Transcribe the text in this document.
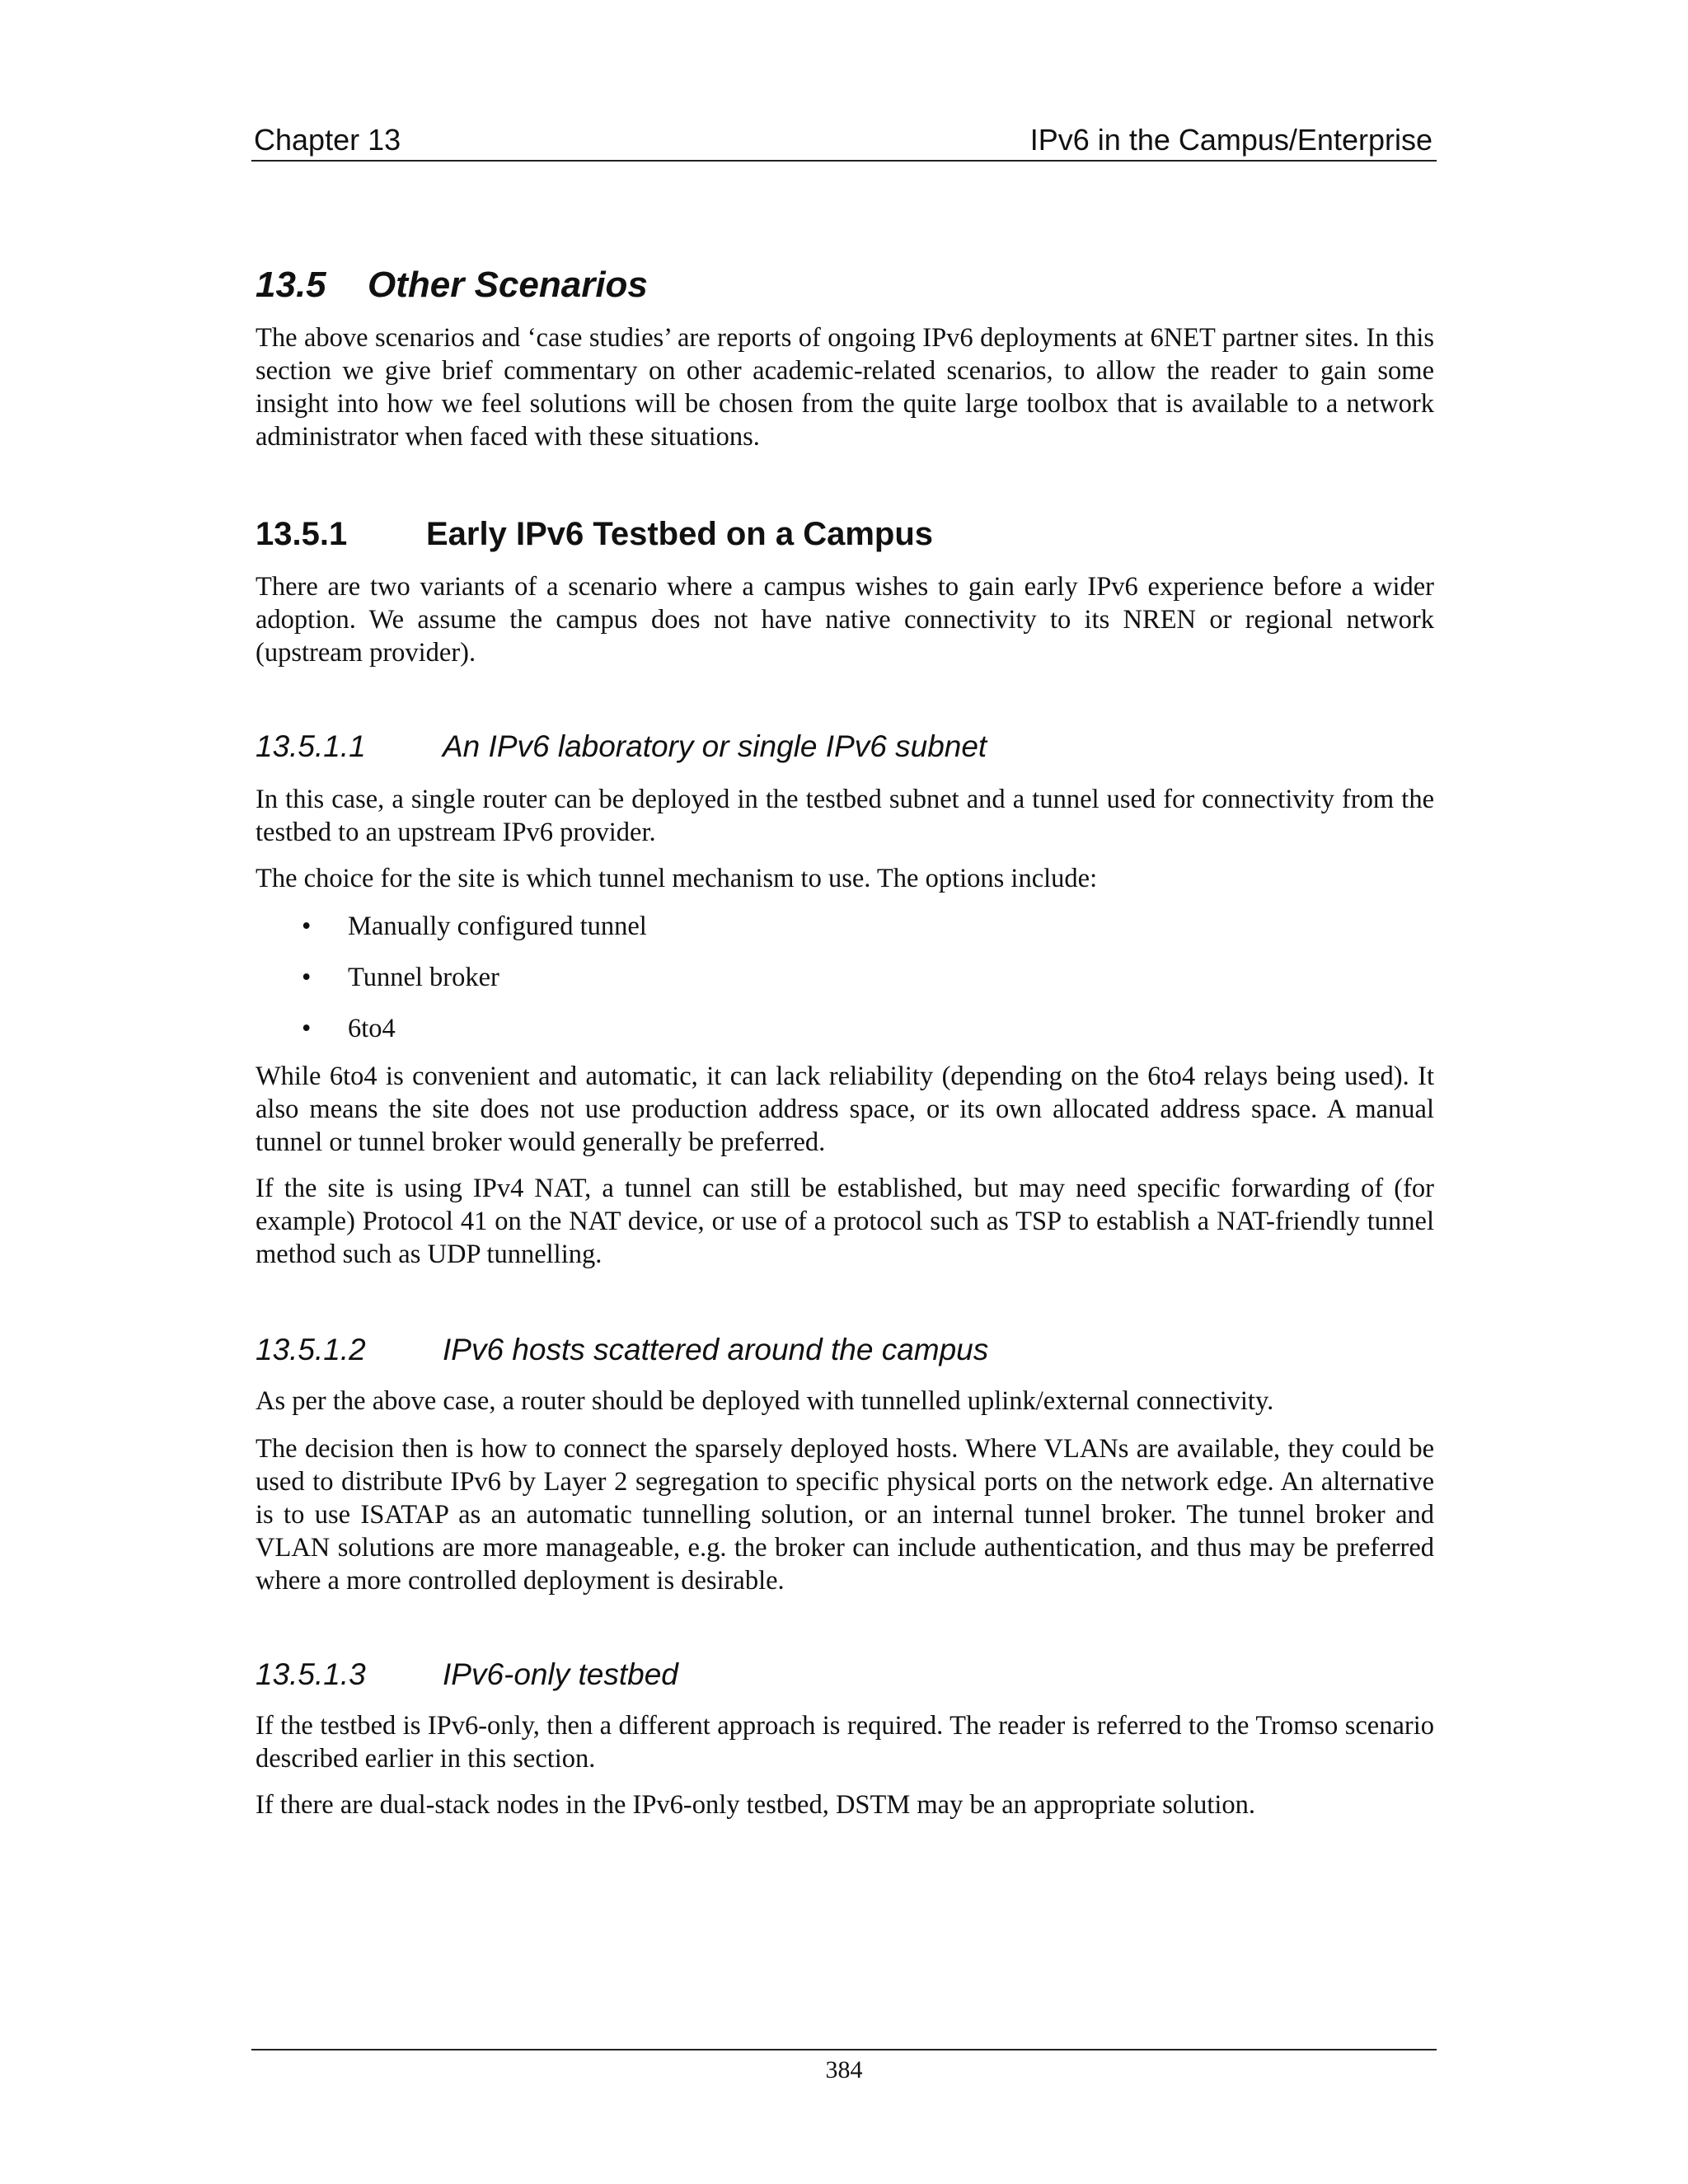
Chapter 13	IPv6 in the Campus/Enterprise
13.5 Other Scenarios

The above scenarios and ‘case studies’ are reports of ongoing IPv6 deployments at 6NET partner sites. In this section we give brief commentary on other academic-related scenarios, to allow the reader to gain some insight into how we feel solutions will be chosen from the quite large toolbox that is available to a network administrator when faced with these situations.

13.5.1 Early IPv6 Testbed on a Campus

There are two variants of a scenario where a campus wishes to gain early IPv6 experience before a wider adoption. We assume the campus does not have native connectivity to its NREN or regional network (upstream provider).

13.5.1.1	An IPv6 laboratory or single IPv6 subnet

In this case, a single router can be deployed in the testbed subnet and a tunnel used for connectivity from the testbed to an upstream IPv6 provider.

The choice for the site is which tunnel mechanism to use. The options include:

• Manually configured tunnel
• Tunnel broker
• 6to4

While 6to4 is convenient and automatic, it can lack reliability (depending on the 6to4 relays being used). It also means the site does not use production address space, or its own allocated address space. A manual tunnel or tunnel broker would generally be preferred.

If the site is using IPv4 NAT, a tunnel can still be established, but may need specific forwarding of (for example) Protocol 41 on the NAT device, or use of a protocol such as TSP to establish a NAT-friendly tunnel method such as UDP tunnelling.

13.5.1.2	IPv6 hosts scattered around the campus

As per the above case, a router should be deployed with tunnelled uplink/external connectivity.

The decision then is how to connect the sparsely deployed hosts. Where VLANs are available, they could be used to distribute IPv6 by Layer 2 segregation to specific physical ports on the network edge. An alternative is to use ISATAP as an automatic tunnelling solution, or an internal tunnel broker. The tunnel broker and VLAN solutions are more manageable, e.g. the broker can include authentication, and thus may be preferred where a more controlled deployment is desirable.

13.5.1.3	IPv6-only testbed

If the testbed is IPv6-only, then a different approach is required. The reader is referred to the Tromso scenario described earlier in this section.

If there are dual-stack nodes in the IPv6-only testbed, DSTM may be an appropriate solution.

384
